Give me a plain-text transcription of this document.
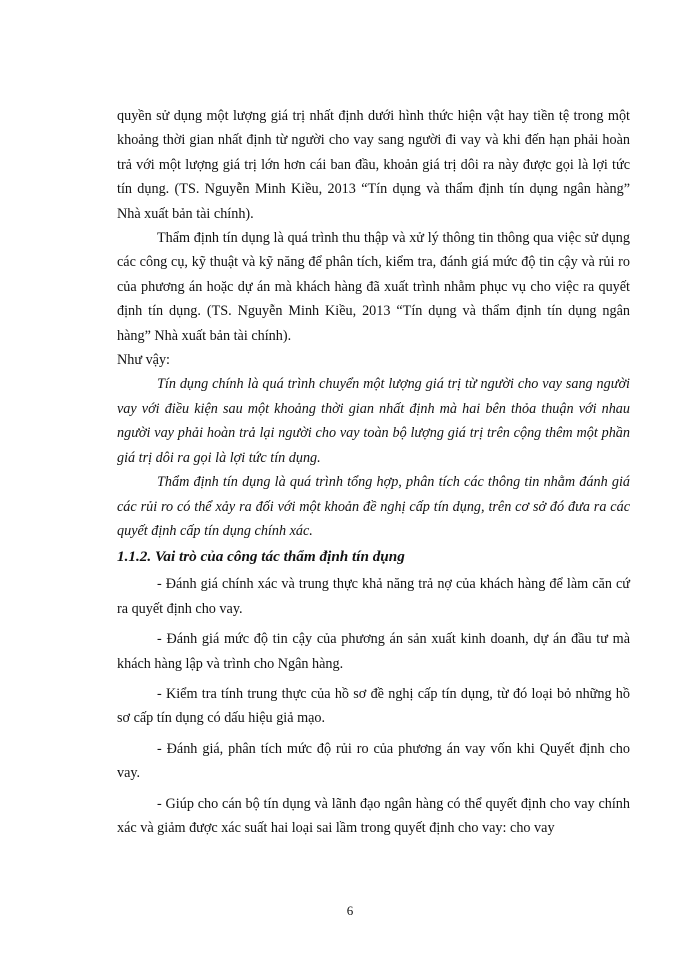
quyền sử dụng một lượng giá trị nhất định dưới hình thức hiện vật hay tiền tệ trong một khoảng thời gian nhất định từ người cho vay sang người đi vay và khi đến hạn phải hoàn trả với một lượng giá trị lớn hơn cái ban đầu, khoản giá trị dôi ra này được gọi là lợi tức tín dụng. (TS. Nguyễn Minh Kiều, 2013 “Tín dụng và thẩm định tín dụng ngân hàng” Nhà xuất bản tài chính).

Thẩm định tín dụng là quá trình thu thập và xử lý thông tin thông qua việc sử dụng các công cụ, kỹ thuật và kỹ năng để phân tích, kiểm tra, đánh giá mức độ tin cậy và rủi ro của phương án hoặc dự án mà khách hàng đã xuất trình nhằm phục vụ cho việc ra quyết định tín dụng. (TS. Nguyễn Minh Kiều, 2013 “Tín dụng và thẩm định tín dụng ngân hàng” Nhà xuất bản tài chính).

Như vậy:

Tín dụng chính là quá trình chuyển một lượng giá trị từ người cho vay sang người vay với điều kiện sau một khoảng thời gian nhất định mà hai bên thỏa thuận với nhau người vay phải hoàn trả lại người cho vay toàn bộ lượng giá trị trên cộng thêm một phần giá trị dôi ra gọi là lợi tức tín dụng.

Thẩm định tín dụng là quá trình tổng hợp, phân tích các thông tin nhằm đánh giá các rủi ro có thể xảy ra đối với một khoản đề nghị cấp tín dụng, trên cơ sở đó đưa ra các quyết định cấp tín dụng chính xác.

1.1.2. Vai trò của công tác thẩm định tín dụng

- Đánh giá chính xác và trung thực khả năng trả nợ của khách hàng để làm căn cứ ra quyết định cho vay.

- Đánh giá mức độ tin cậy của phương án sản xuất kinh doanh, dự án đầu tư mà khách hàng lập và trình cho Ngân hàng.

- Kiểm tra tính trung thực của hồ sơ đề nghị cấp tín dụng, từ đó loại bỏ những hồ sơ cấp tín dụng có dấu hiệu giả mạo.

- Đánh giá, phân tích mức độ rủi ro của phương án vay vốn khi Quyết định cho vay.

- Giúp cho cán bộ tín dụng và lãnh đạo ngân hàng có thể quyết định cho vay chính xác và giảm được xác suất hai loại sai lầm trong quyết định cho vay: cho vay

6
